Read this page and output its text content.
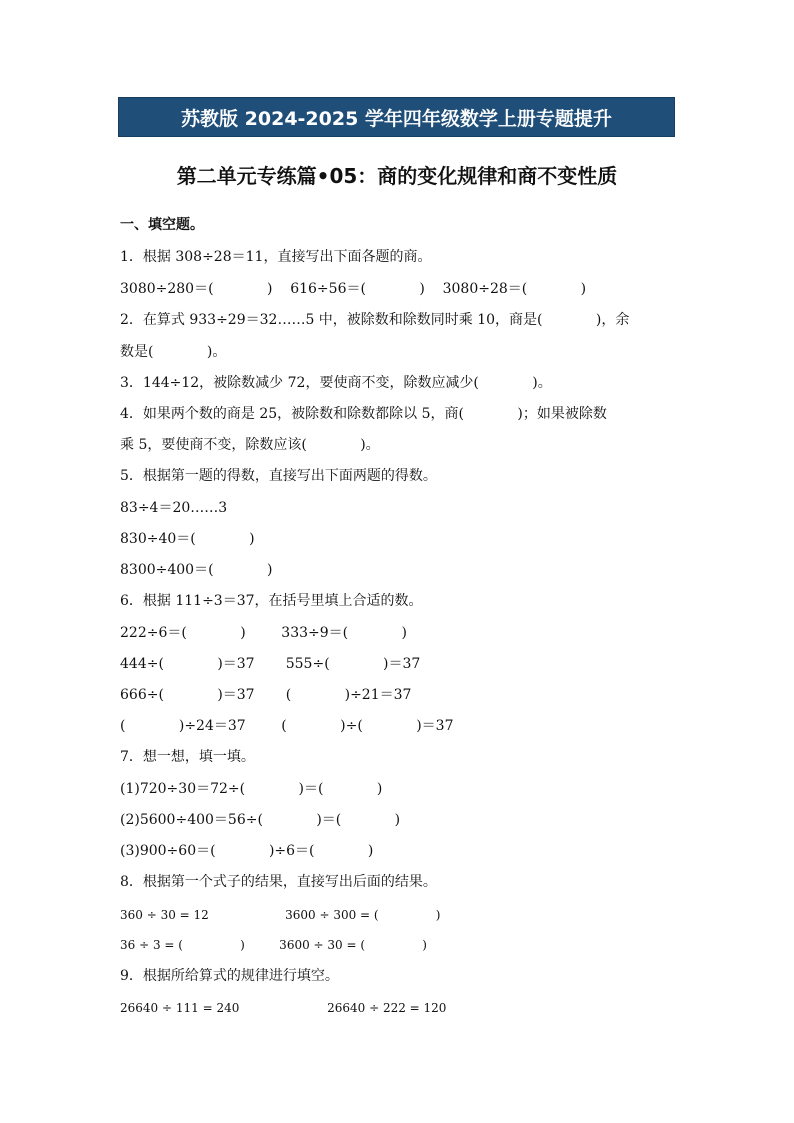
苏教版 2024-2025 学年四年级数学上册专题提升
第二单元专练篇•05：商的变化规律和商不变性质
一、填空题。
1．根据 308÷28＝11，直接写出下面各题的商。
3080÷280＝(            )    616÷56＝(            )    3080÷28＝(            )
2．在算式 933÷29＝32……5 中，被除数和除数同时乘 10，商是(            )，余
数是(            )。
3．144÷12，被除数减少 72，要使商不变，除数应减少(            )。
4．如果两个数的商是 25，被除数和除数都除以 5，商(            )；如果被除数
乘 5，要使商不变，除数应该(            )。
5．根据第一题的得数，直接写出下面两题的得数。
83÷4＝20……3
830÷40＝(            )
8300÷400＝(            )
6．根据 111÷3＝37，在括号里填上合适的数。
222÷6＝(            )        333÷9＝(            )
444÷(            )＝37       555÷(            )＝37
666÷(            )＝37       (            )÷21＝37
(            )÷24＝37        (            )÷(            )＝37
7．想一想，填一填。
(1)720÷30＝72÷(            )＝(            )
(2)5600÷400＝56÷(            )＝(            )
(3)900÷60＝(            )÷6＝(            )
8．根据第一个式子的结果，直接写出后面的结果。
360 ÷ 30 = 12                    3600 ÷ 300 = (               )
36 ÷ 3 = (               )         3600 ÷ 30 = (               )
9．根据所给算式的规律进行填空。
26640 ÷ 111 = 240                       26640 ÷ 222 = 120
